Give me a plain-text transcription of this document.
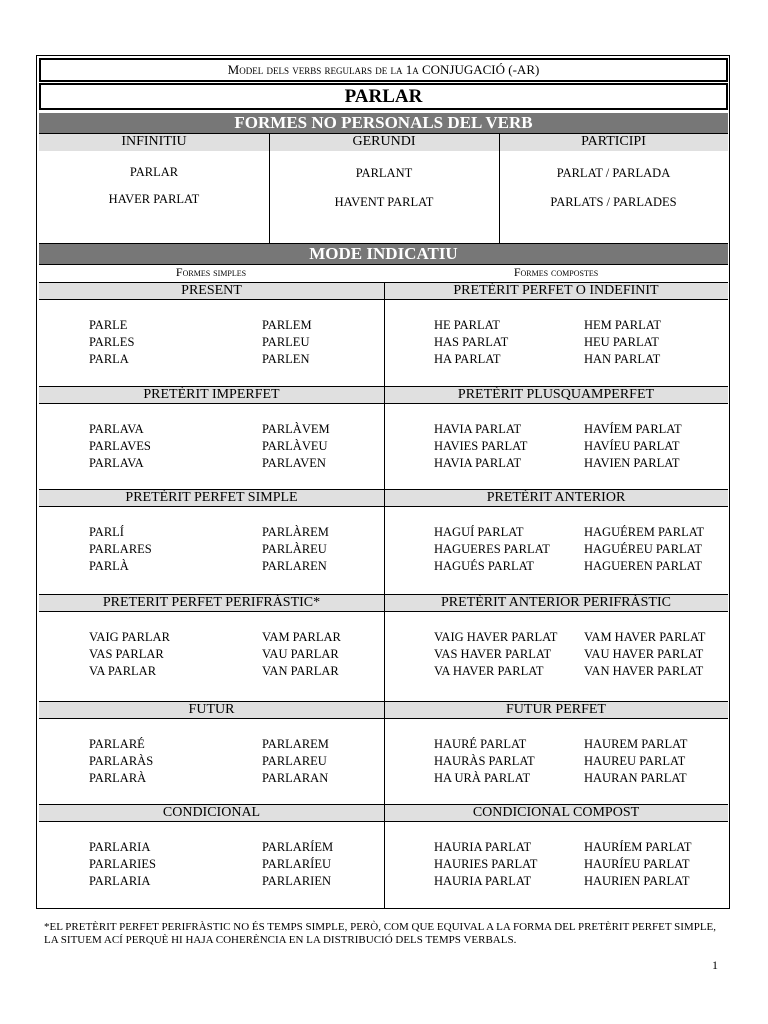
Model dels verbs regulars de la 1a CONJUGACIÓ (-AR)
PARLAR
FORMES NO PERSONALS DEL VERB
INFINITIU
PARLAR
HAVER PARLAT
GERUNDI
PARLANT
HAVENT PARLAT
PARTICIPI
PARLAT / PARLADA
PARLATS / PARLADES
MODE INDICATIU
Formes simples	Formes compostes
PRESENT
PARLE
PARLES
PARLA
PARLEM
PARLEU
PARLEN
PRETÈRIT PERFET O INDEFINIT
HE PARLAT
HAS PARLAT
HA PARLAT
HEM PARLAT
HEU PARLAT
HAN PARLAT
PRETÈRIT IMPERFET
PARLAVA
PARLAVES
PARLAVA
PARLÀVEM
PARLÀVEU
PARLAVEN
PRETÈRIT PLUSQUAMPERFET
HAVIA PARLAT
HAVIES PARLAT
HAVIA PARLAT
HAVÍEM PARLAT
HAVÍEU PARLAT
HAVIEN PARLAT
PRETÈRIT PERFET SIMPLE
PARLÍ
PARLARES
PARLÀ
PARLÀREM
PARLÀREU
PARLAREN
PRETÈRIT ANTERIOR
HAGUÍ PARLAT
HAGUERES PARLAT
HAGUÉS PARLAT
HAGUÉREM PARLAT
HAGUÉREU PARLAT
HAGUEREN PARLAT
PRETERIT PERFET PERIFRÀSTIC*
VAIG PARLAR
VAS PARLAR
VA PARLAR
VAM PARLAR
VAU PARLAR
VAN PARLAR
PRETÈRIT ANTERIOR PERIFRÀSTIC
VAIG HAVER PARLAT
VAS HAVER PARLAT
VA HAVER PARLAT
VAM HAVER PARLAT
VAU HAVER PARLAT
VAN HAVER PARLAT
FUTUR
PARLARÉ
PARLARÀS
PARLARÀ
PARLAREM
PARLAREU
PARLARAN
FUTUR PERFET
HAURÉ PARLAT
HAURÀS PARLAT
HA URÀ PARLAT
HAUREM PARLAT
HAUREU PARLAT
HAURAN PARLAT
CONDICIONAL
PARLARIA
PARLARIES
PARLARIA
PARLARÍEM
PARLARÍEU
PARLARIEN
CONDICIONAL COMPOST
HAURIA PARLAT
HAURIES PARLAT
HAURIA PARLAT
HAURÍEM PARLAT
HAURÍEU PARLAT
HAURIEN PARLAT
*EL PRETÈRIT PERFET PERIFRÀSTIC NO ÉS TEMPS SIMPLE, PERÒ, COM QUE EQUIVAL A LA FORMA DEL PRETÈRIT PERFET SIMPLE, LA SITUEM ACÍ PERQUÈ HI HAJA COHERÈNCIA EN LA DISTRIBUCIÓ DELS TEMPS VERBALS.
1
